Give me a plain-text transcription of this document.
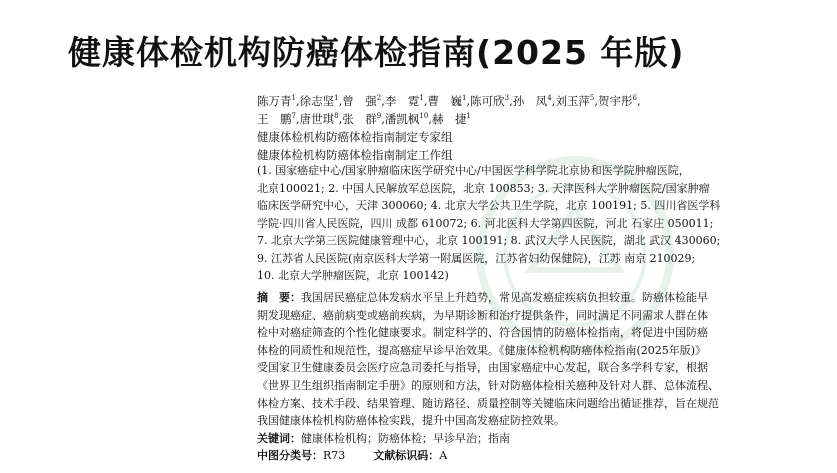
健康体检机构防癌体检指南(2025 年版)
陈万青$^1$,徐志坚$^1$,曾　强$^2$,李　霓$^1$,曹　巍$^1$,陈可欣$^3$,孙　凤$^4$,刘玉萍$^5$,贺宇彤$^6$,
王　鹏$^7$,唐世琪$^8$,张　群$^9$,潘凯枫$^{10}$,赫　捷$^1$
健康体检机构防癌体检指南制定专家组
健康体检机构防癌体检指南制定工作组
(1. 国家癌症中心/国家肿瘤临床医学研究中心/中国医学科学院北京协和医学院肿瘤医院，
北京100021; 2. 中国人民解放军总医院，北京 100853; 3. 天津医科大学肿瘤医院/国家肿瘤
临床医学研究中心，天津 300060; 4. 北京大学公共卫生学院，北京 100191; 5. 四川省医学科
学院·四川省人民医院，四川 成都 610072; 6. 河北医科大学第四医院，河北 石家庄 050011;
7. 北京大学第三医院健康管理中心，北京 100191; 8. 武汉大学人民医院，湖北 武汉 430060;
9. 江苏省人民医院(南京医科大学第一附属医院，江苏省妇幼保健院)，江苏 南京 210029;
10. 北京大学肿瘤医院，北京 100142)
摘　要：我国居民癌症总体发病水平呈上升趋势，常见高发癌症疾病负担较重。防癌体检能早
期发现癌症、癌前病变或癌前疾病，为早期诊断和治疗提供条件，同时满足不同需求人群在体
检中对癌症筛查的个性化健康要求。制定科学的、符合国情的防癌体检指南，将促进中国防癌
体检的同质性和规范性，提高癌症早诊早治效果。《健康体检机构防癌体检指南(2025年版)》
受国家卫生健康委员会医疗应急司委托与指导，由国家癌症中心发起，联合多学科专家，根据
《世界卫生组织指南制定手册》的原则和方法，针对防癌体检相关癌种及针对人群、总体流程、
体检方案、技术手段、结果管理、随访路径、质量控制等关键临床问题给出循证推荐，旨在规范
我国健康体检机构防癌体检实践，提升中国高发癌症防控效果。
关键词：健康体检机构；防癌体检；早诊早治；指南
中图分类号：R73	文献标识码：A
